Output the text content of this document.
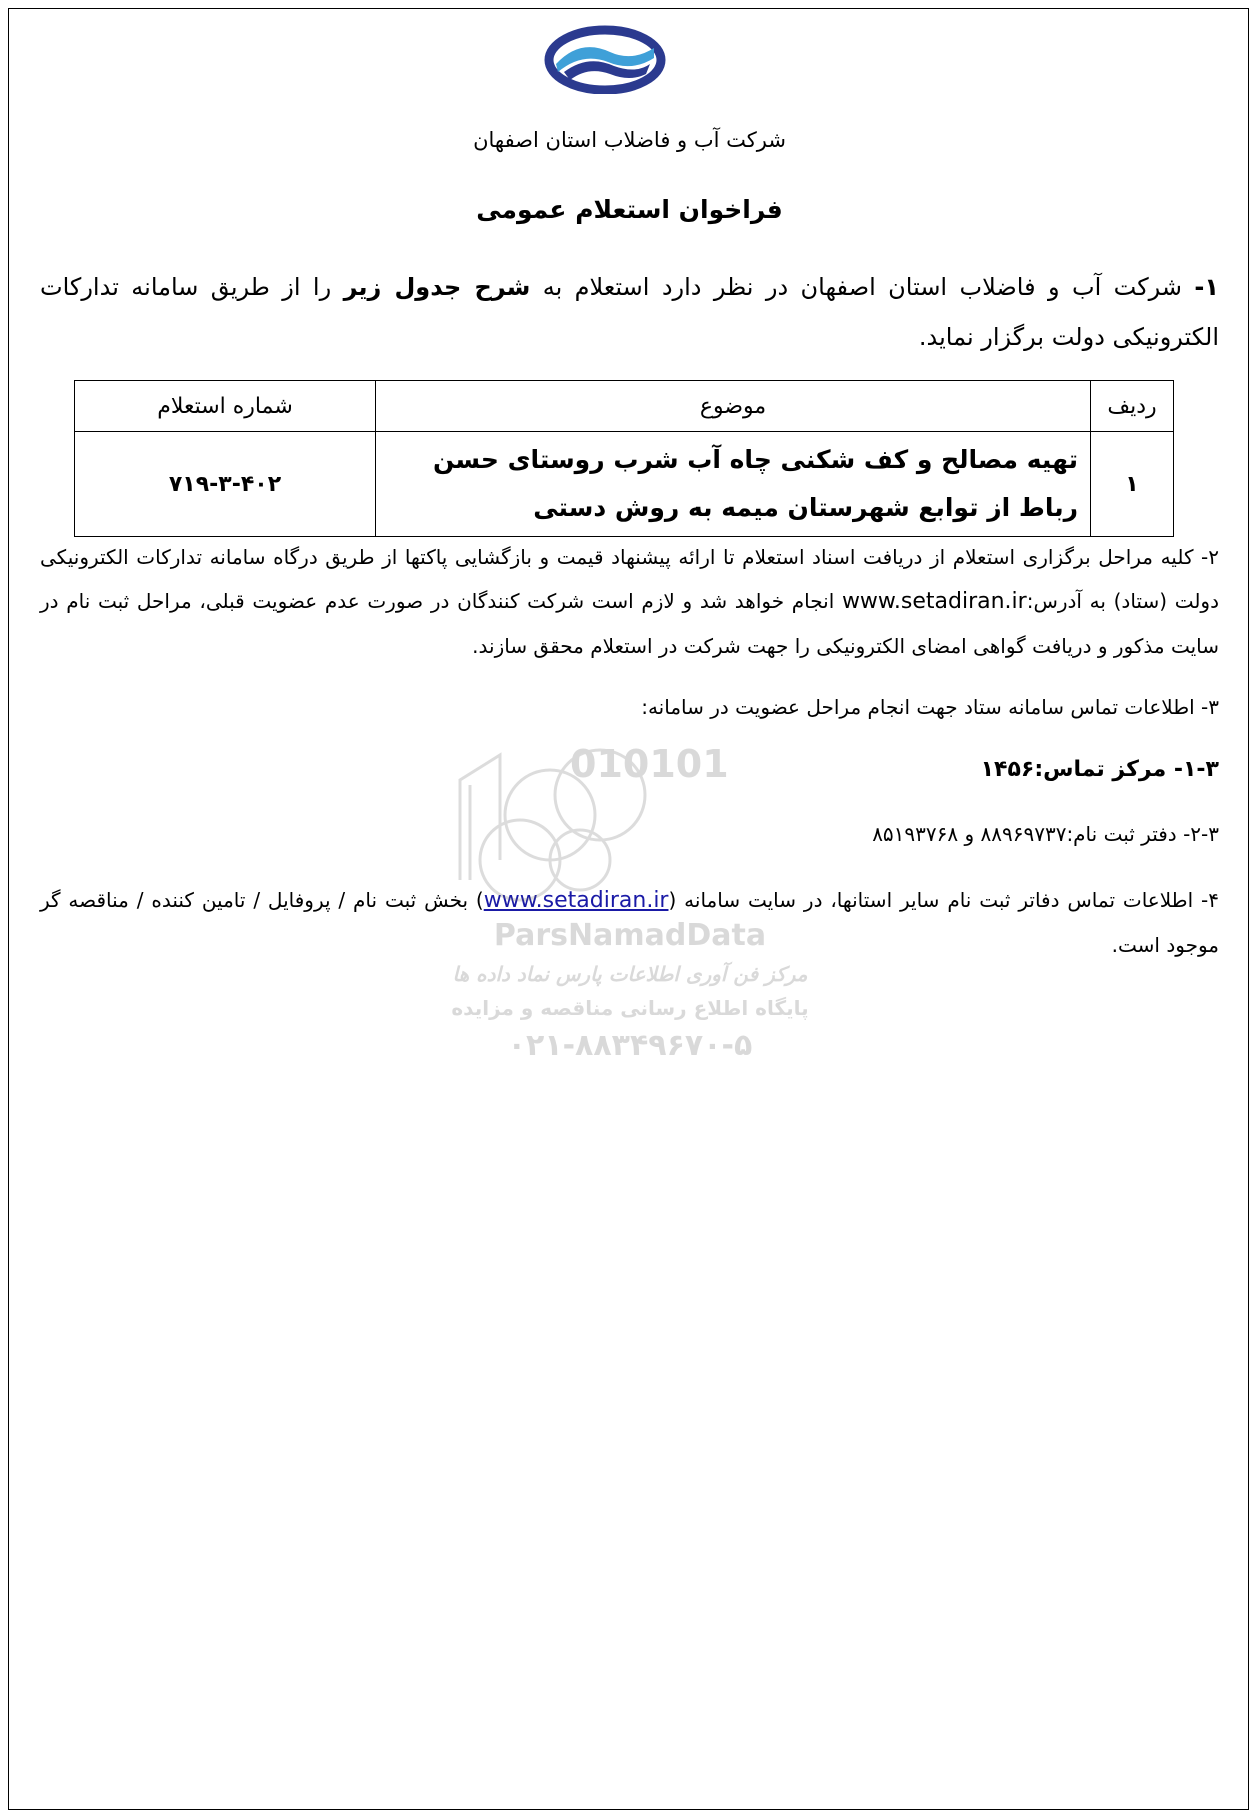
شرکت آب و فاضلاب استان اصفهان
فراخوان استعلام عمومی
۱- شرکت آب و فاضلاب استان اصفهان در نظر دارد استعلام به شرح جدول زیر را از طریق سامانه تدارکات الکترونیکی دولت برگزار نماید.
ردیف	موضوع	شماره استعلام
۱	تهیه مصالح و کف شکنی چاه آب شرب روستای حسن رباط از توابع شهرستان میمه به روش دستی	۷۱۹-۳-۴۰۲
۲- کلیه مراحل برگزاری استعلام از دریافت اسناد استعلام تا ارائه پیشنهاد قیمت و بازگشایی پاکتها از طریق درگاه سامانه تدارکات الکترونیکی دولت (ستاد) به آدرس:www.setadiran.ir انجام خواهد شد و لازم است شرکت کنندگان در صورت عدم عضویت قبلی، مراحل ثبت نام در سایت مذکور و دریافت گواهی امضای الکترونیکی را جهت شرکت در استعلام محقق سازند.
۳- اطلاعات تماس سامانه ستاد جهت انجام مراحل عضویت در سامانه:
۱-۳- مرکز تماس:۱۴۵۶
۲-۳- دفتر ثبت نام:۸۸۹۶۹۷۳۷ و ۸۵۱۹۳۷۶۸
۴- اطلاعات تماس دفاتر ثبت نام سایر استانها، در سایت سامانه (www.setadiran.ir) بخش ثبت نام / پروفایل / تامین کننده / مناقصه گر موجود است.
010101
ParsNamadData
مرکز فن آوری اطلاعات پارس نماد داده ها
پایگاه اطلاع رسانی مناقصه و مزایده
۰۲۱-۸۸۳۴۹۶۷۰-۵
